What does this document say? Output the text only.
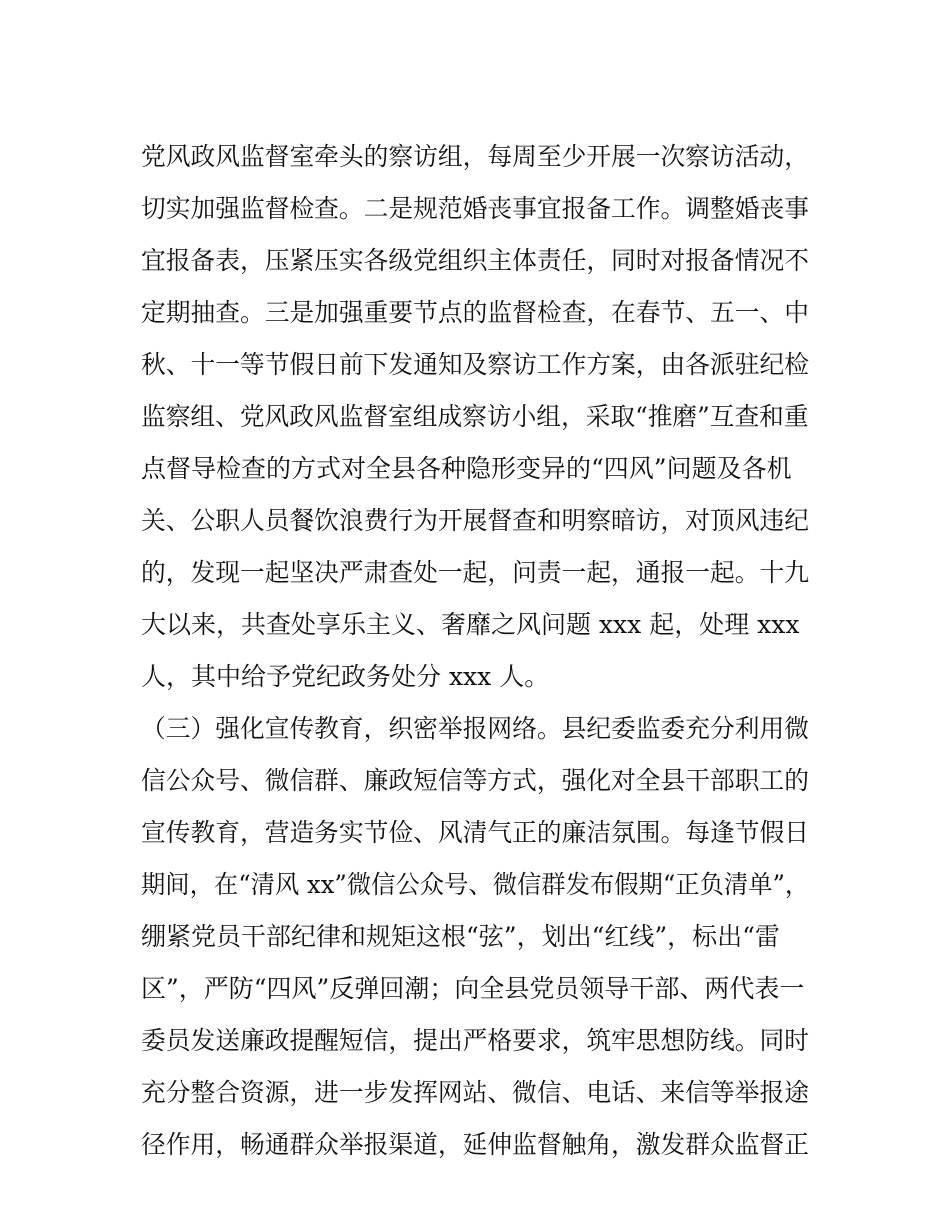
党风政风监督室牵头的察访组，每周至少开展一次察访活动，
切实加强监督检查。二是规范婚丧事宜报备工作。调整婚丧事
宜报备表，压紧压实各级党组织主体责任，同时对报备情况不
定期抽查。三是加强重要节点的监督检查，在春节、五一、中
秋、十一等节假日前下发通知及察访工作方案，由各派驻纪检
监察组、党风政风监督室组成察访小组，采取“推磨”互查和重
点督导检查的方式对全县各种隐形变异的“四风”问题及各机
关、公职人员餐饮浪费行为开展督查和明察暗访，对顶风违纪
的，发现一起坚决严肃查处一起，问责一起，通报一起。十九
大以来，共查处享乐主义、奢靡之风问题 xxx 起，处理 xxx
人，其中给予党纪政务处分 xxx 人。
（三）强化宣传教育，织密举报网络。县纪委监委充分利用微
信公众号、微信群、廉政短信等方式，强化对全县干部职工的
宣传教育，营造务实节俭、风清气正的廉洁氛围。每逢节假日
期间，在“清风 xx”微信公众号、微信群发布假期“正负清单”，
绷紧党员干部纪律和规矩这根“弦”，划出“红线”，标出“雷
区”，严防“四风”反弹回潮；向全县党员领导干部、两代表一
委员发送廉政提醒短信，提出严格要求，筑牢思想防线。同时
充分整合资源，进一步发挥网站、微信、电话、来信等举报途
径作用，畅通群众举报渠道，延伸监督触角，激发群众监督正
